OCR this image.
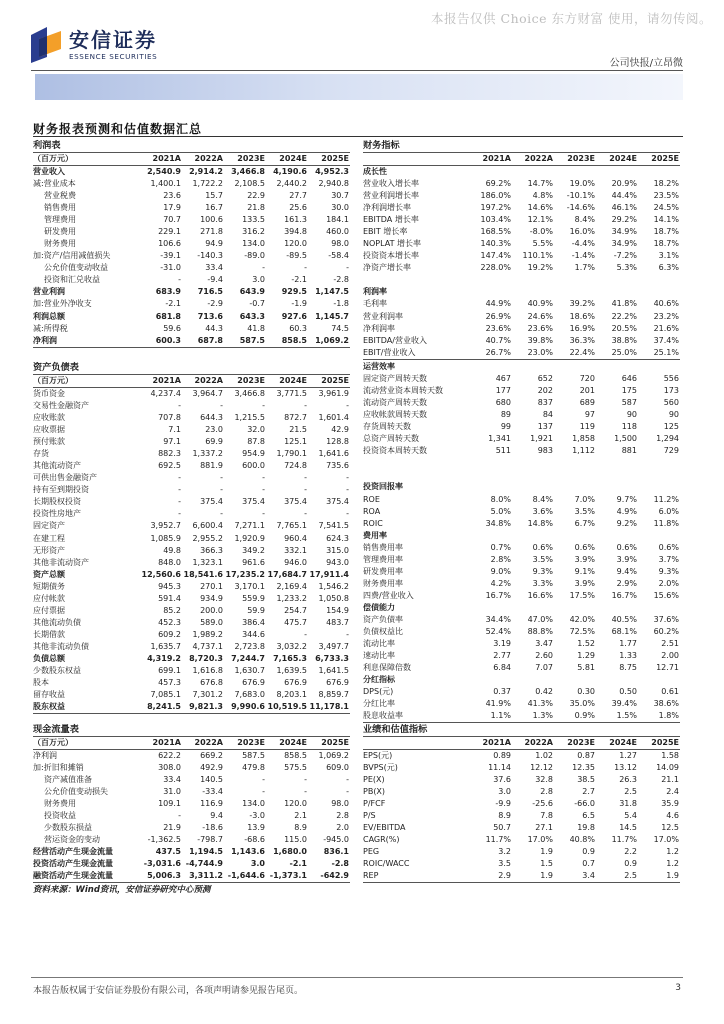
本报告仅供 Choice 东方财富 使用，请勿传阅。
安信证券
ESSENCE SECURITIES
公司快报/立昂微
财务报表预测和估值数据汇总
利润表					
（百万元）	2021A	2022A	2023E	2024E	2025E
营业收入	2,540.9	2,914.2	3,466.8	4,190.6	4,952.3
减:营业成本	1,400.1	1,722.2	2,108.5	2,440.2	2,940.8
营业税费	23.6	15.7	22.9	27.7	30.7
销售费用	17.9	16.7	21.8	25.6	30.0
管理费用	70.7	100.6	133.5	161.3	184.1
研发费用	229.1	271.8	316.2	394.8	460.0
财务费用	106.6	94.9	134.0	120.0	98.0
加:资产/信用减值损失	-39.1	-140.3	-89.0	-89.5	-58.4
公允价值变动收益	-31.0	33.4	-	-	-
投资和汇兑收益	-	-9.4	3.0	-2.1	-2.8
营业利润	683.9	716.5	643.9	929.5	1,147.5
加:营业外净收支	-2.1	-2.9	-0.7	-1.9	-1.8
利润总额	681.8	713.6	643.3	927.6	1,145.7
减:所得税	59.6	44.3	41.8	60.3	74.5
净利润	600.3	687.8	587.5	858.5	1,069.2
财务指标					
	2021A	2022A	2023E	2024E	2025E
成长性					
营业收入增长率	69.2%	14.7%	19.0%	20.9%	18.2%
营业利润增长率	186.0%	4.8%	-10.1%	44.4%	23.5%
净利润增长率	197.2%	14.6%	-14.6%	46.1%	24.5%
EBITDA 增长率	103.4%	12.1%	8.4%	29.2%	14.1%
EBIT 增长率	168.5%	-8.0%	16.0%	34.9%	18.7%
NOPLAT 增长率	140.3%	5.5%	-4.4%	34.9%	18.7%
投资资本增长率	147.4%	110.1%	-1.4%	-7.2%	3.1%
净资产增长率	228.0%	19.2%	1.7%	5.3%	6.3%

利润率					
毛利率	44.9%	40.9%	39.2%	41.8%	40.6%
营业利润率	26.9%	24.6%	18.6%	22.2%	23.2%
净利润率	23.6%	23.6%	16.9%	20.5%	21.6%
EBITDA/营业收入	40.7%	39.8%	36.3%	38.8%	37.4%
EBIT/营业收入	26.7%	23.0%	22.4%	25.0%	25.1%
资产负债表					
（百万元）	2021A	2022A	2023E	2024E	2025E
货币资金	4,237.4	3,964.7	3,466.8	3,771.5	3,961.9
交易性金融资产	-	-	-	-	-
应收账款	707.8	644.3	1,215.5	872.7	1,601.4
应收票据	7.1	23.0	32.0	21.5	42.9
预付账款	97.1	69.9	87.8	125.1	128.8
存货	882.3	1,337.2	954.9	1,790.1	1,641.6
其他流动资产	692.5	881.9	600.0	724.8	735.6
可供出售金融资产	-	-	-	-	-
持有至到期投资	-	-	-	-	-
长期股权投资	-	375.4	375.4	375.4	375.4
投资性房地产	-	-	-	-	-
固定资产	3,952.7	6,600.4	7,271.1	7,765.1	7,541.5
在建工程	1,085.9	2,955.2	1,920.9	960.4	624.3
无形资产	49.8	366.3	349.2	332.1	315.0
其他非流动资产	848.0	1,323.1	961.6	946.0	943.0
资产总额	12,560.6	18,541.6	17,235.2	17,684.7	17,911.4
短期债务	945.3	270.1	3,170.1	2,169.4	1,546.2
应付帐款	591.4	934.9	559.9	1,233.2	1,050.8
应付票据	85.2	200.0	59.9	254.7	154.9
其他流动负债	452.3	589.0	386.4	475.7	483.7
长期借款	609.2	1,989.2	344.6	-	-
其他非流动负债	1,635.7	4,737.1	2,723.8	3,032.2	3,497.7
负债总额	4,319.2	8,720.3	7,244.7	7,165.3	6,733.3
少数股东权益	699.1	1,616.8	1,630.7	1,639.5	1,641.5
股本	457.3	676.8	676.9	676.9	676.9
留存收益	7,085.1	7,301.2	7,683.0	8,203.1	8,859.7
股东权益	8,241.5	9,821.3	9,990.6	10,519.5	11,178.1
运营效率					
固定资产周转天数	467	652	720	646	556
流动营业资本周转天数	177	202	201	175	173
流动资产周转天数	680	837	689	587	560
应收帐款周转天数	89	84	97	90	90
存货周转天数	99	137	119	118	125
总资产周转天数	1,341	1,921	1,858	1,500	1,294
投资资本周转天数	511	983	1,112	881	729

投资回报率					
ROE	8.0%	8.4%	7.0%	9.7%	11.2%
ROA	5.0%	3.6%	3.5%	4.9%	6.0%
ROIC	34.8%	14.8%	6.7%	9.2%	11.8%
费用率					
销售费用率	0.7%	0.6%	0.6%	0.6%	0.6%
管理费用率	2.8%	3.5%	3.9%	3.9%	3.7%
研发费用率	9.0%	9.3%	9.1%	9.4%	9.3%
财务费用率	4.2%	3.3%	3.9%	2.9%	2.0%
四费/营业收入	16.7%	16.6%	17.5%	16.7%	15.6%
偿债能力					
资产负债率	34.4%	47.0%	42.0%	40.5%	37.6%
负债权益比	52.4%	88.8%	72.5%	68.1%	60.2%
流动比率	3.19	3.47	1.52	1.77	2.51
速动比率	2.77	2.60	1.29	1.33	2.00
利息保障倍数	6.84	7.07	5.81	8.75	12.71
分红指标					
DPS(元)	0.37	0.42	0.30	0.50	0.61
分红比率	41.9%	41.3%	35.0%	39.4%	38.6%
股息收益率	1.1%	1.3%	0.9%	1.5%	1.8%
现金流量表					
（百万元）	2021A	2022A	2023E	2024E	2025E
净利润	622.2	669.2	587.5	858.5	1,069.2
加:折旧和摊销	308.0	492.9	479.8	575.5	609.0
资产减值准备	33.4	140.5	-	-	-
公允价值变动损失	31.0	-33.4	-	-	-
财务费用	109.1	116.9	134.0	120.0	98.0
投资收益	-	9.4	-3.0	2.1	2.8
少数股东损益	21.9	-18.6	13.9	8.9	2.0
营运资金的变动	-1,362.5	-798.7	-68.6	115.0	-945.0
经营活动产生现金流量	437.5	1,194.5	1,143.6	1,680.0	836.1
投资活动产生现金流量	-3,031.6	-4,744.9	3.0	-2.1	-2.8
融资活动产生现金流量	5,006.3	3,311.2	-1,644.6	-1,373.1	-642.9
业绩和估值指标					
	2021A	2022A	2023E	2024E	2025E
EPS(元)	0.89	1.02	0.87	1.27	1.58
BVPS(元)	11.14	12.12	12.35	13.12	14.09
PE(X)	37.6	32.8	38.5	26.3	21.1
PB(X)	3.0	2.8	2.7	2.5	2.4
P/FCF	-9.9	-25.6	-66.0	31.8	35.9
P/S	8.9	7.8	6.5	5.4	4.6
EV/EBITDA	50.7	27.1	19.8	14.5	12.5
CAGR(%)	11.7%	17.0%	40.8%	11.7%	17.0%
PEG	3.2	1.9	0.9	2.2	1.2
ROIC/WACC	3.5	1.5	0.7	0.9	1.2
REP	2.9	1.9	3.4	2.5	1.9
资料来源：Wind资讯，安信证券研究中心预测
本报告版权属于安信证券股份有限公司，各项声明请参见报告尾页。	3
